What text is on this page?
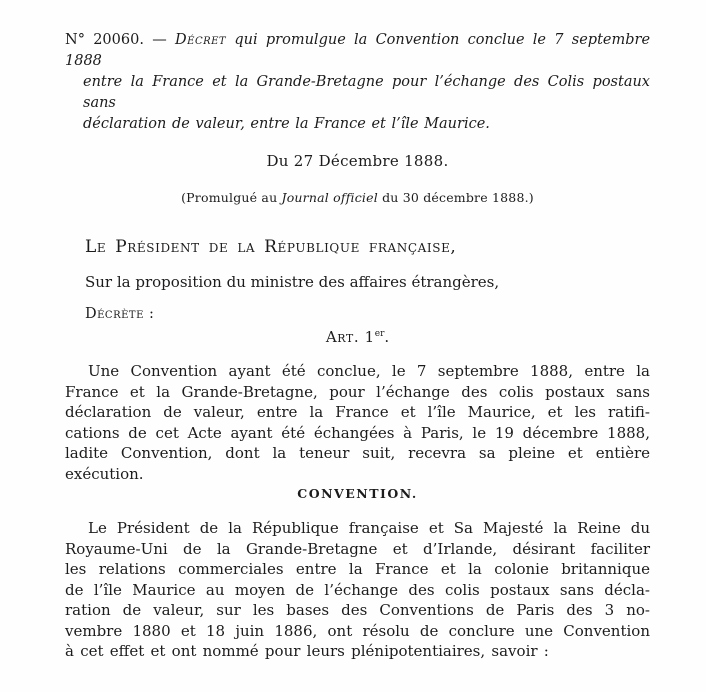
N° 20060. — Décret qui promulgue la Convention conclue le 7 septembre 1888
entre la France et la Grande-Bretagne pour l’échange des Colis postaux sans
déclaration de valeur, entre la France et l’île Maurice.
Du 27 Décembre 1888.
(Promulgué au Journal officiel du 30 décembre 1888.)
Le Président de la République française,
Sur la proposition du ministre des affaires étrangères,
Décrète :
Art. 1er.
Une Convention ayant été conclue, le 7 septembre 1888, entre la
France et la Grande-Bretagne, pour l’échange des colis postaux sans
déclaration de valeur, entre la France et l’île Maurice, et les ratifi-
cations de cet Acte ayant été échangées à Paris, le 19 décembre 1888,
ladite Convention, dont la teneur suit, recevra sa pleine et entière
exécution.
CONVENTION.
Le Président de la République française et Sa Majesté la Reine du
Royaume-Uni de la Grande-Bretagne et d’Irlande, désirant faciliter
les relations commerciales entre la France et la colonie britannique
de l’île Maurice au moyen de l’échange des colis postaux sans décla-
ration de valeur, sur les bases des Conventions de Paris des 3 no-
vembre 1880 et 18 juin 1886, ont résolu de conclure une Convention
à cet effet et ont nommé pour leurs plénipotentiaires, savoir :
